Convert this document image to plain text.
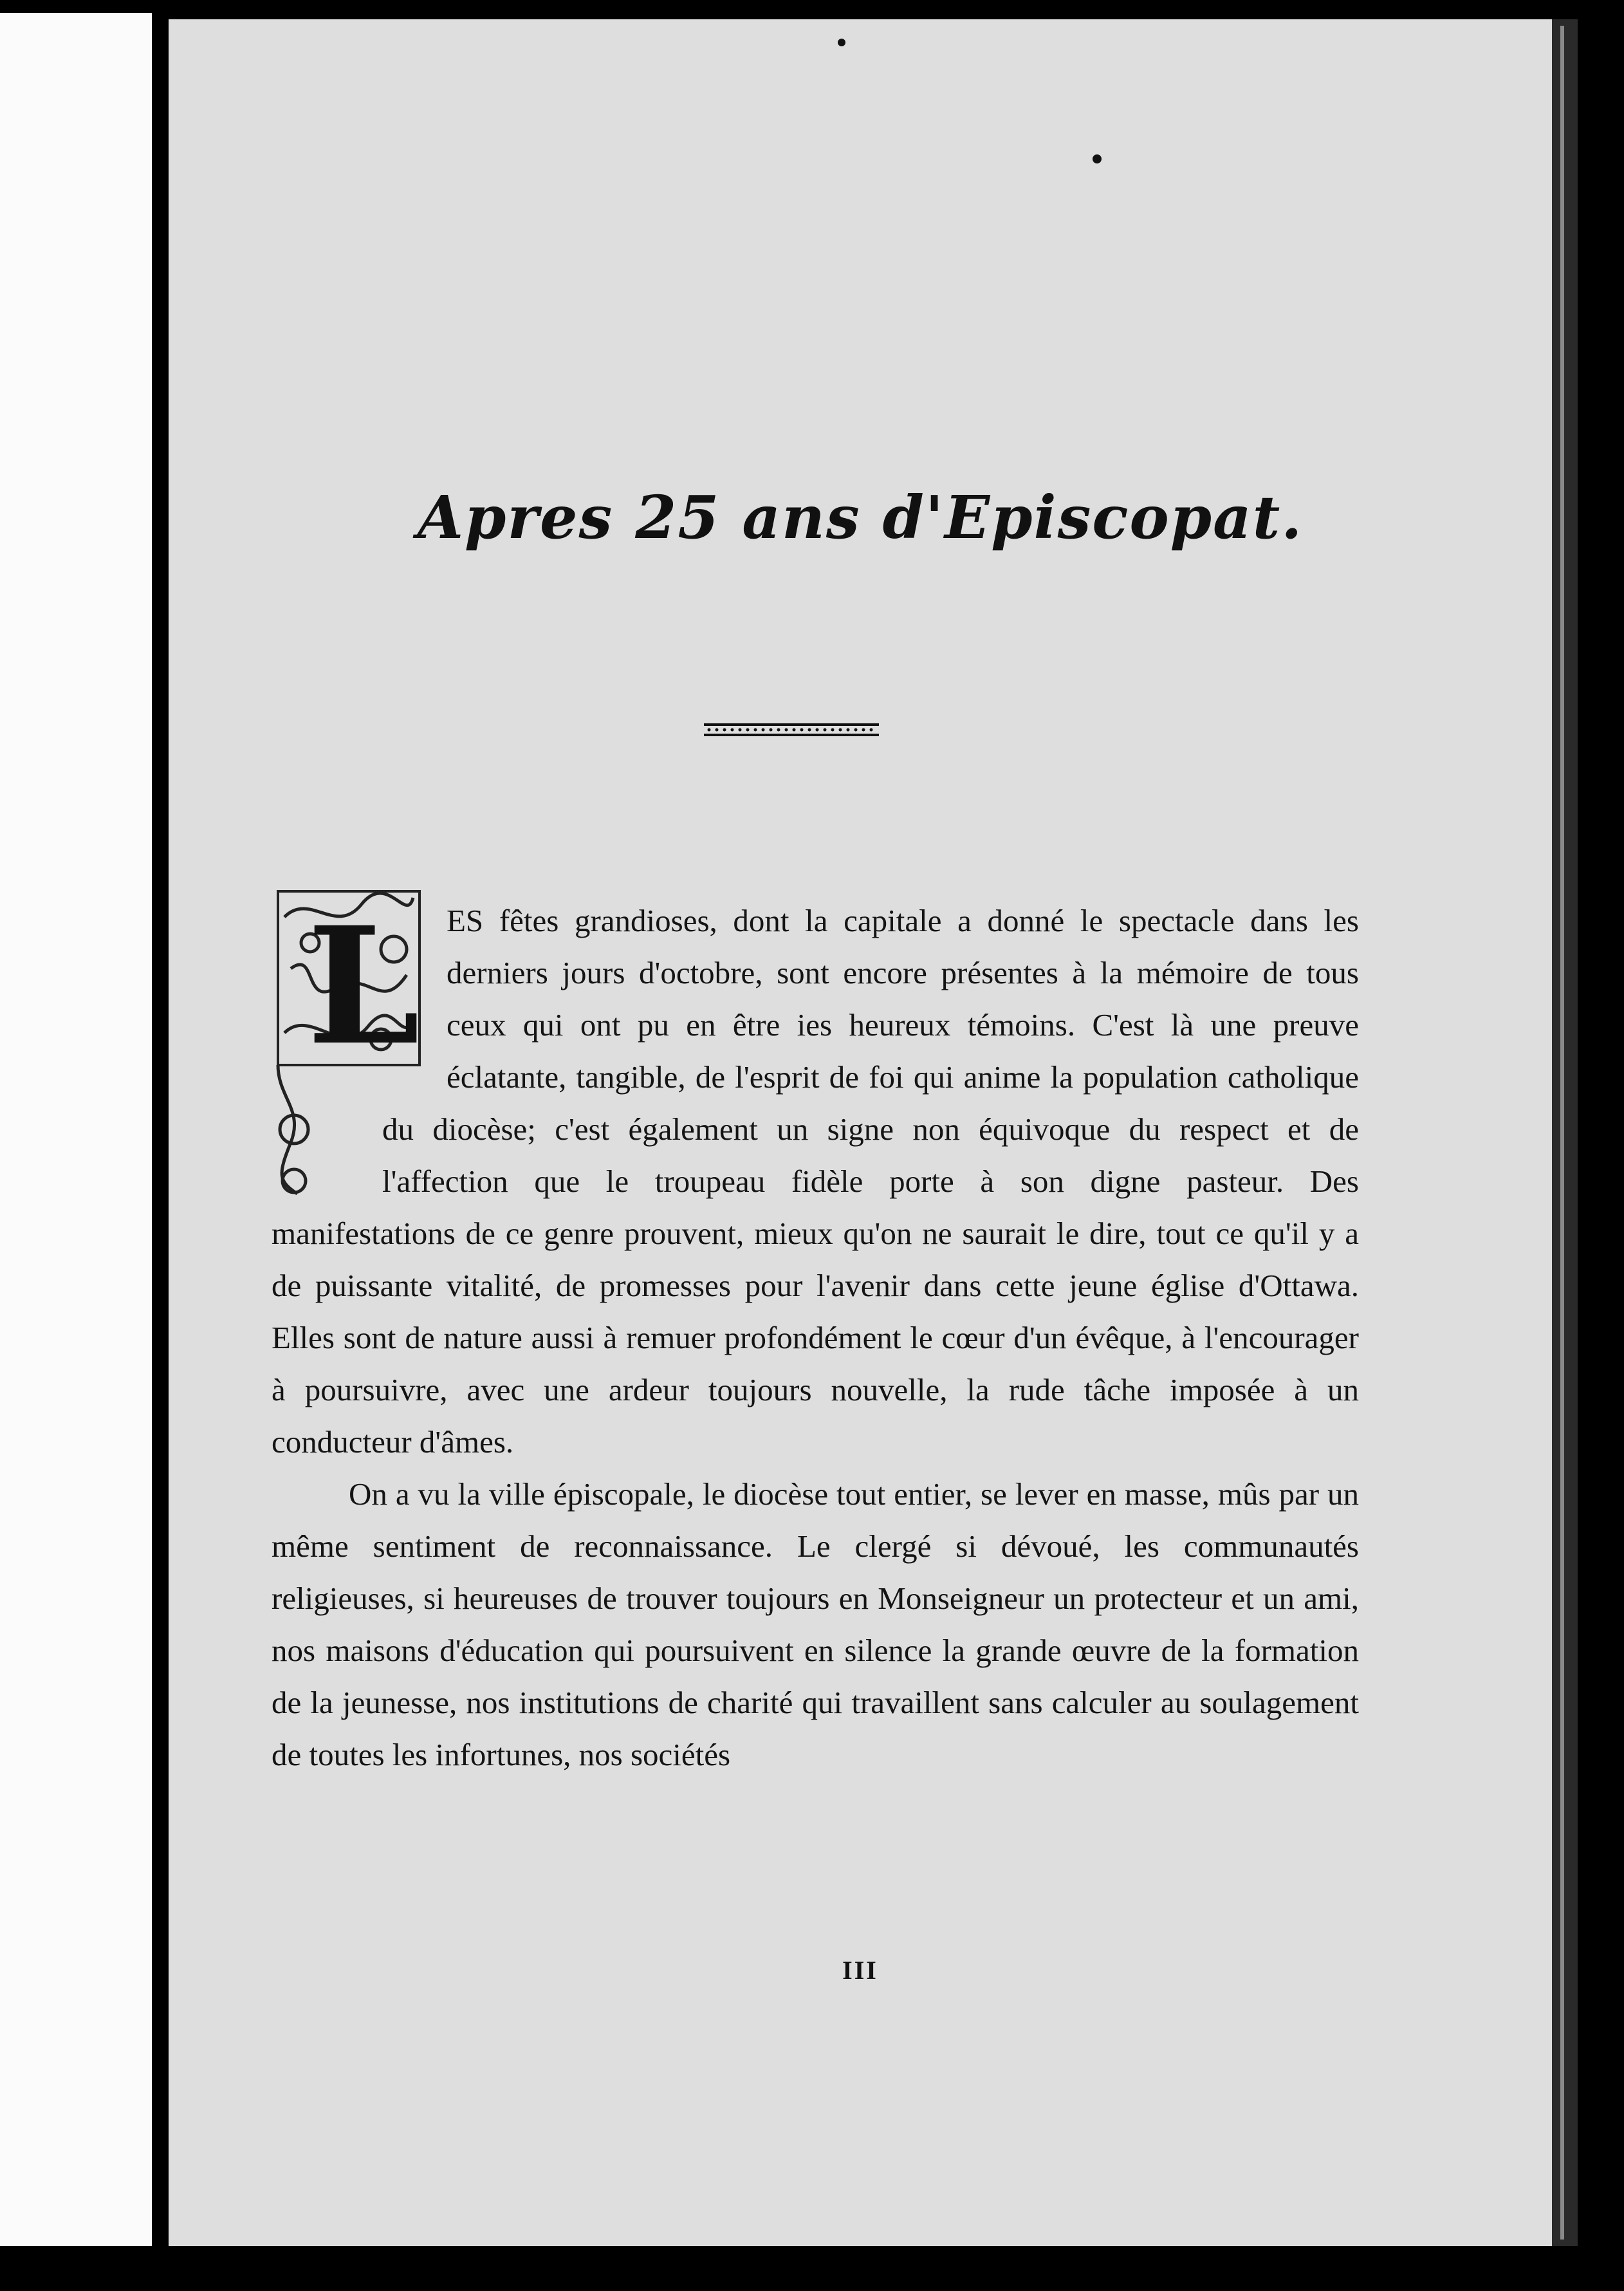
Apres 25 ans d'Episcopat.
L ES fêtes grandioses, dont la capitale a donné le spectacle dans les derniers jours d'octobre, sont encore présentes à la mémoire de tous ceux qui ont pu en être ies heureux témoins. C'est là une preuve éclatante, tangible, de l'esprit de foi qui anime la population catholique du diocèse; c'est également un signe non équivoque du respect et de l'affection que le troupeau fidèle porte à son digne pasteur. Des manifestations de ce genre prouvent, mieux qu'on ne saurait le dire, tout ce qu'il y a de puissante vitalité, de promesses pour l'avenir dans cette jeune église d'Ottawa. Elles sont de nature aussi à remuer profondément le cœur d'un évêque, à l'encourager à poursuivre, avec une ardeur toujours nouvelle, la rude tâche imposée à un conducteur d'âmes.

On a vu la ville épiscopale, le diocèse tout entier, se lever en masse, mûs par un même sentiment de reconnaissance. Le clergé si dévoué, les communautés religieuses, si heureuses de trouver toujours en Monseigneur un protecteur et un ami, nos maisons d'éducation qui poursuivent en silence la grande œuvre de la formation de la jeunesse, nos institutions de charité qui travaillent sans calculer au soulagement de toutes les infortunes, nos sociétés

III
